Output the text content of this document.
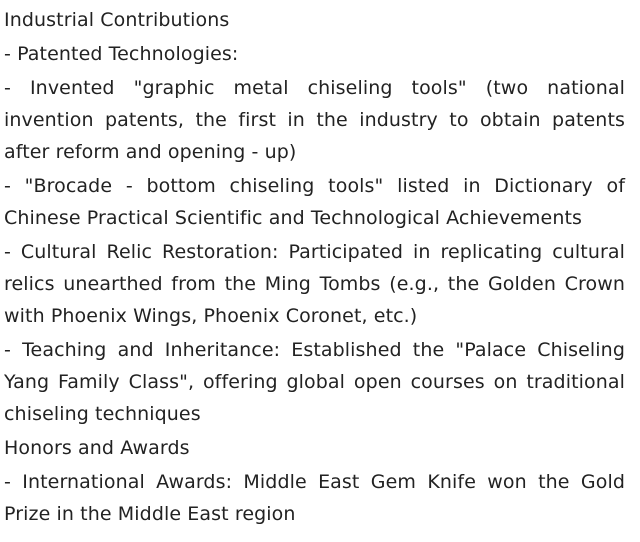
Industrial Contributions

- Patented Technologies:

- Invented "graphic metal chiseling tools" (two national invention patents, the first in the industry to obtain patents after reform and opening - up)

- "Brocade - bottom chiseling tools" listed in Dictionary of Chinese Practical Scientific and Technological Achievements

- Cultural Relic Restoration: Participated in replicating cultural relics unearthed from the Ming Tombs (e.g., the Golden Crown with Phoenix Wings, Phoenix Coronet, etc.)

- Teaching and Inheritance: Established the "Palace Chiseling Yang Family Class", offering global open courses on traditional chiseling techniques

Honors and Awards

- International Awards: Middle East Gem Knife won the Gold Prize in the Middle East region
